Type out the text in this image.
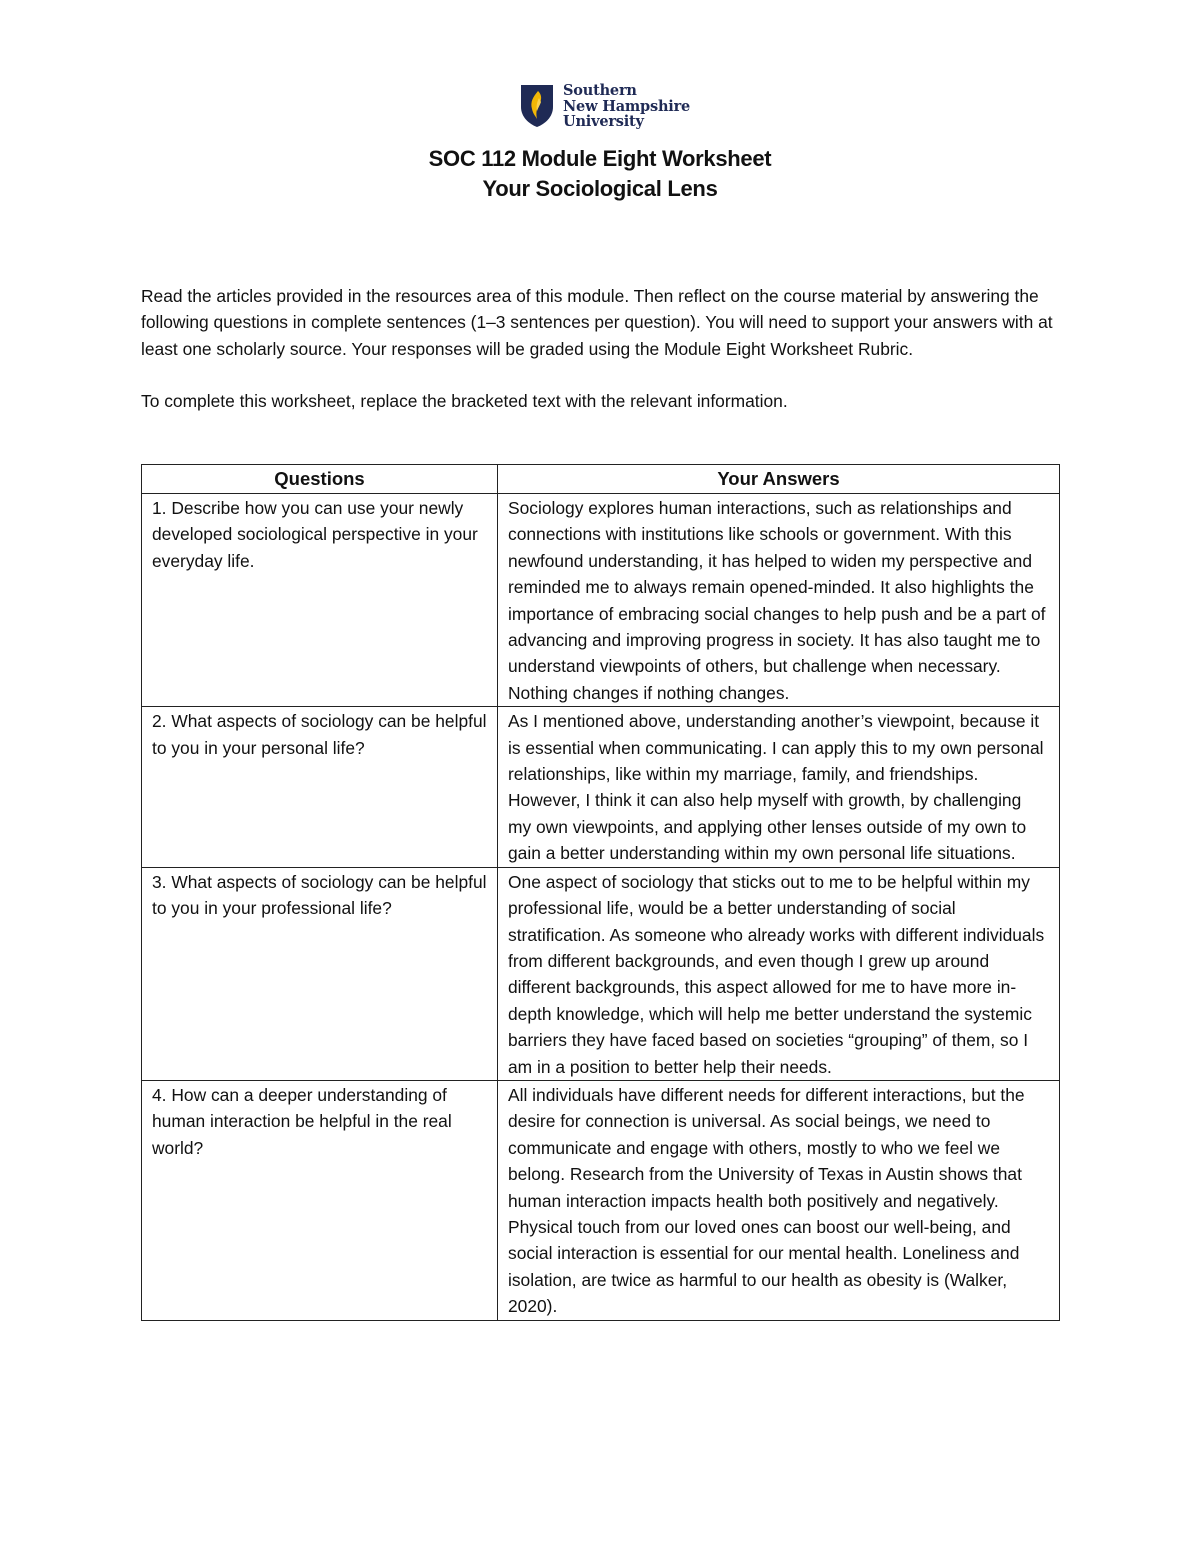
Southern
New Hampshire
University
SOC 112 Module Eight Worksheet
Your Sociological Lens

Read the articles provided in the resources area of this module. Then reflect on the course material by answering the following questions in complete sentences (1–3 sentences per question). You will need to support your answers with at least one scholarly source. Your responses will be graded using the Module Eight Worksheet Rubric.

To complete this worksheet, replace the bracketed text with the relevant information.

Questions	Your Answers
1. Describe how you can use your newly developed sociological perspective in your everyday life.	Sociology explores human interactions, such as relationships and connections with institutions like schools or government. With this newfound understanding, it has helped to widen my perspective and reminded me to always remain opened-minded. It also highlights the importance of embracing social changes to help push and be a part of advancing and improving progress in society. It has also taught me to understand viewpoints of others, but challenge when necessary. Nothing changes if nothing changes.
2. What aspects of sociology can be helpful to you in your personal life?	As I mentioned above, understanding another’s viewpoint, because it is essential when communicating. I can apply this to my own personal relationships, like within my marriage, family, and friendships. However, I think it can also help myself with growth, by challenging my own viewpoints, and applying other lenses outside of my own to gain a better understanding within my own personal life situations.
3. What aspects of sociology can be helpful to you in your professional life?	One aspect of sociology that sticks out to me to be helpful within my professional life, would be a better understanding of social stratification. As someone who already works with different individuals from different backgrounds, and even though I grew up around different backgrounds, this aspect allowed for me to have more in-depth knowledge, which will help me better understand the systemic barriers they have faced based on societies “grouping” of them, so I am in a position to better help their needs.
4. How can a deeper understanding of human interaction be helpful in the real world?	All individuals have different needs for different interactions, but the desire for connection is universal. As social beings, we need to communicate and engage with others, mostly to who we feel we belong. Research from the University of Texas in Austin shows that human interaction impacts health both positively and negatively. Physical touch from our loved ones can boost our well-being, and social interaction is essential for our mental health. Loneliness and isolation, are twice as harmful to our health as obesity is (Walker, 2020).
